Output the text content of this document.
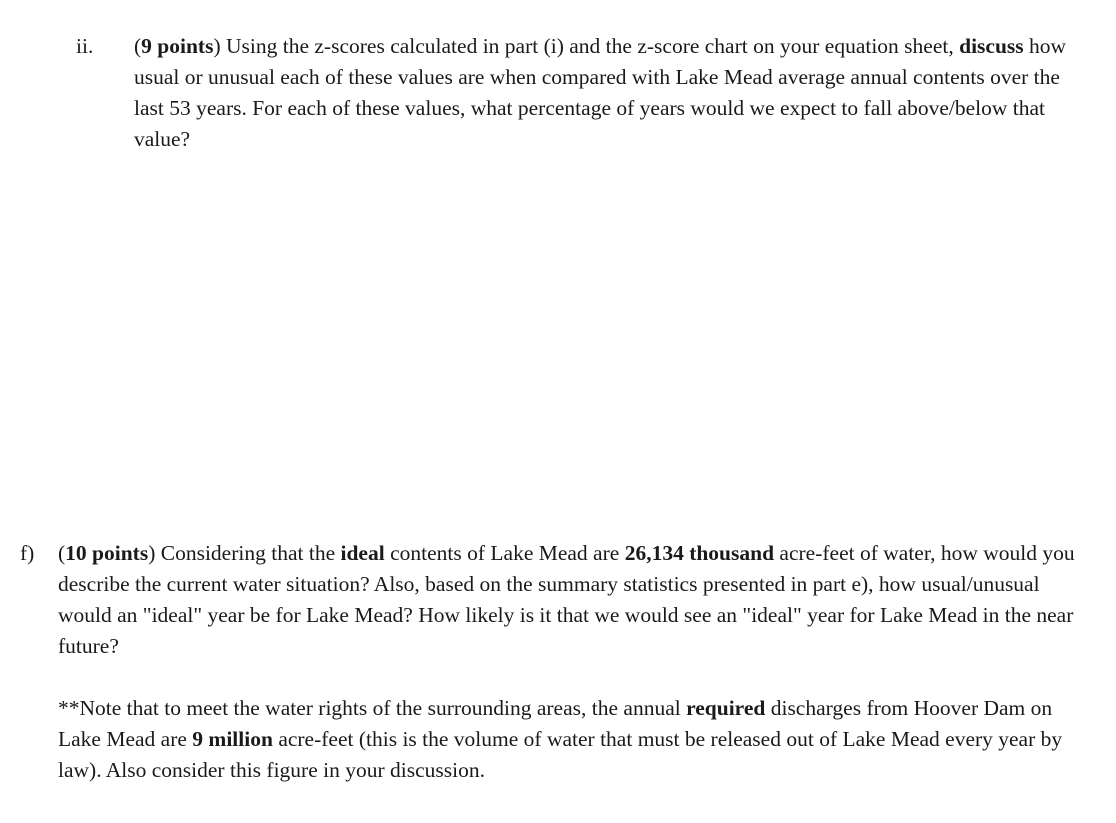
ii. (9 points) Using the z-scores calculated in part (i) and the z-score chart on your equation sheet, discuss how usual or unusual each of these values are when compared with Lake Mead average annual contents over the last 53 years. For each of these values, what percentage of years would we expect to fall above/below that value?

f) (10 points) Considering that the ideal contents of Lake Mead are 26,134 thousand acre-feet of water, how would you describe the current water situation? Also, based on the summary statistics presented in part e), how usual/unusual would an "ideal" year be for Lake Mead? How likely is it that we would see an "ideal" year for Lake Mead in the near future?

**Note that to meet the water rights of the surrounding areas, the annual required discharges from Hoover Dam on Lake Mead are 9 million acre-feet (this is the volume of water that must be released out of Lake Mead every year by law). Also consider this figure in your discussion.
